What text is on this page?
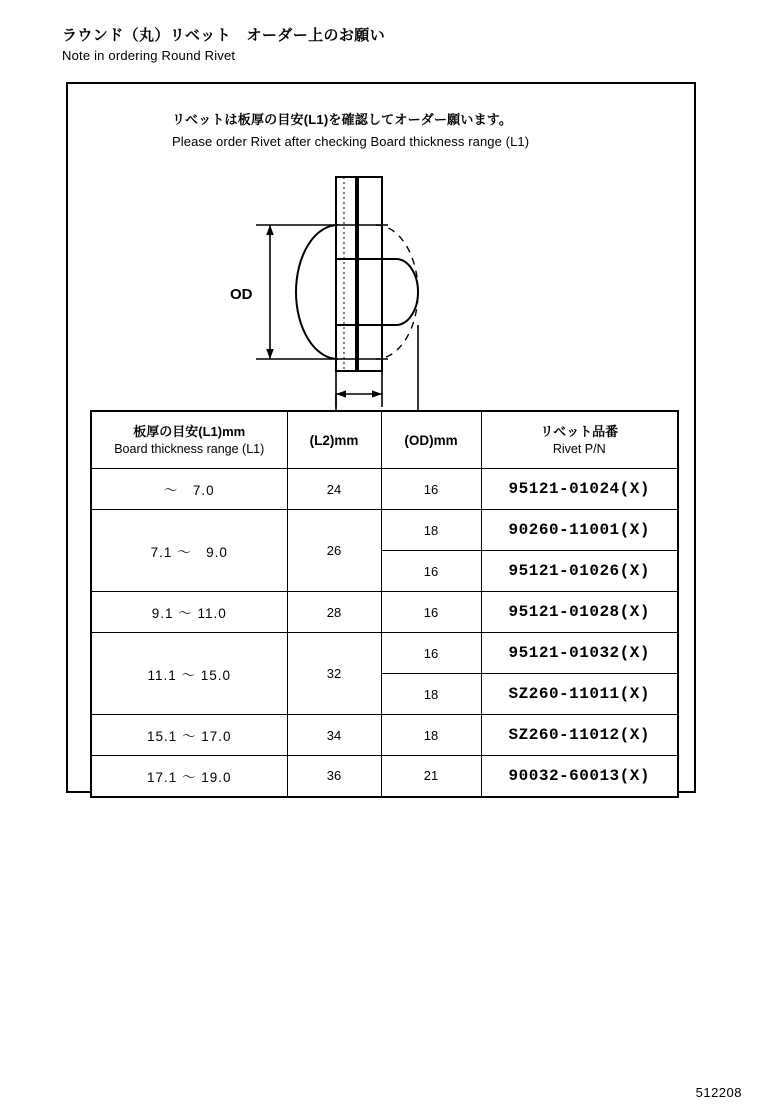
ラウンド（丸）リベット　オーダー上のお願い
Note in ordering Round Rivet
リベットは板厚の目安(L1)を確認してオーダー願います。
Please order Rivet after checking Board thickness range (L1)
OD
板厚の目安(L1)mm
Board thickness range (L1)	(L2)mm	(OD)mm	リベット品番
Rivet P/N

～　7.0	24	16	95121-01024(X)
7.1 ～　9.0	26	18	90260-11001(X)
		16	95121-01026(X)
9.1 ～ 11.0	28	16	95121-01028(X)
11.1 ～ 15.0	32	16	95121-01032(X)
		18	SZ260-11011(X)
15.1 ～ 17.0	34	18	SZ260-11012(X)
17.1 ～ 19.0	36	21	90032-60013(X)
512208
